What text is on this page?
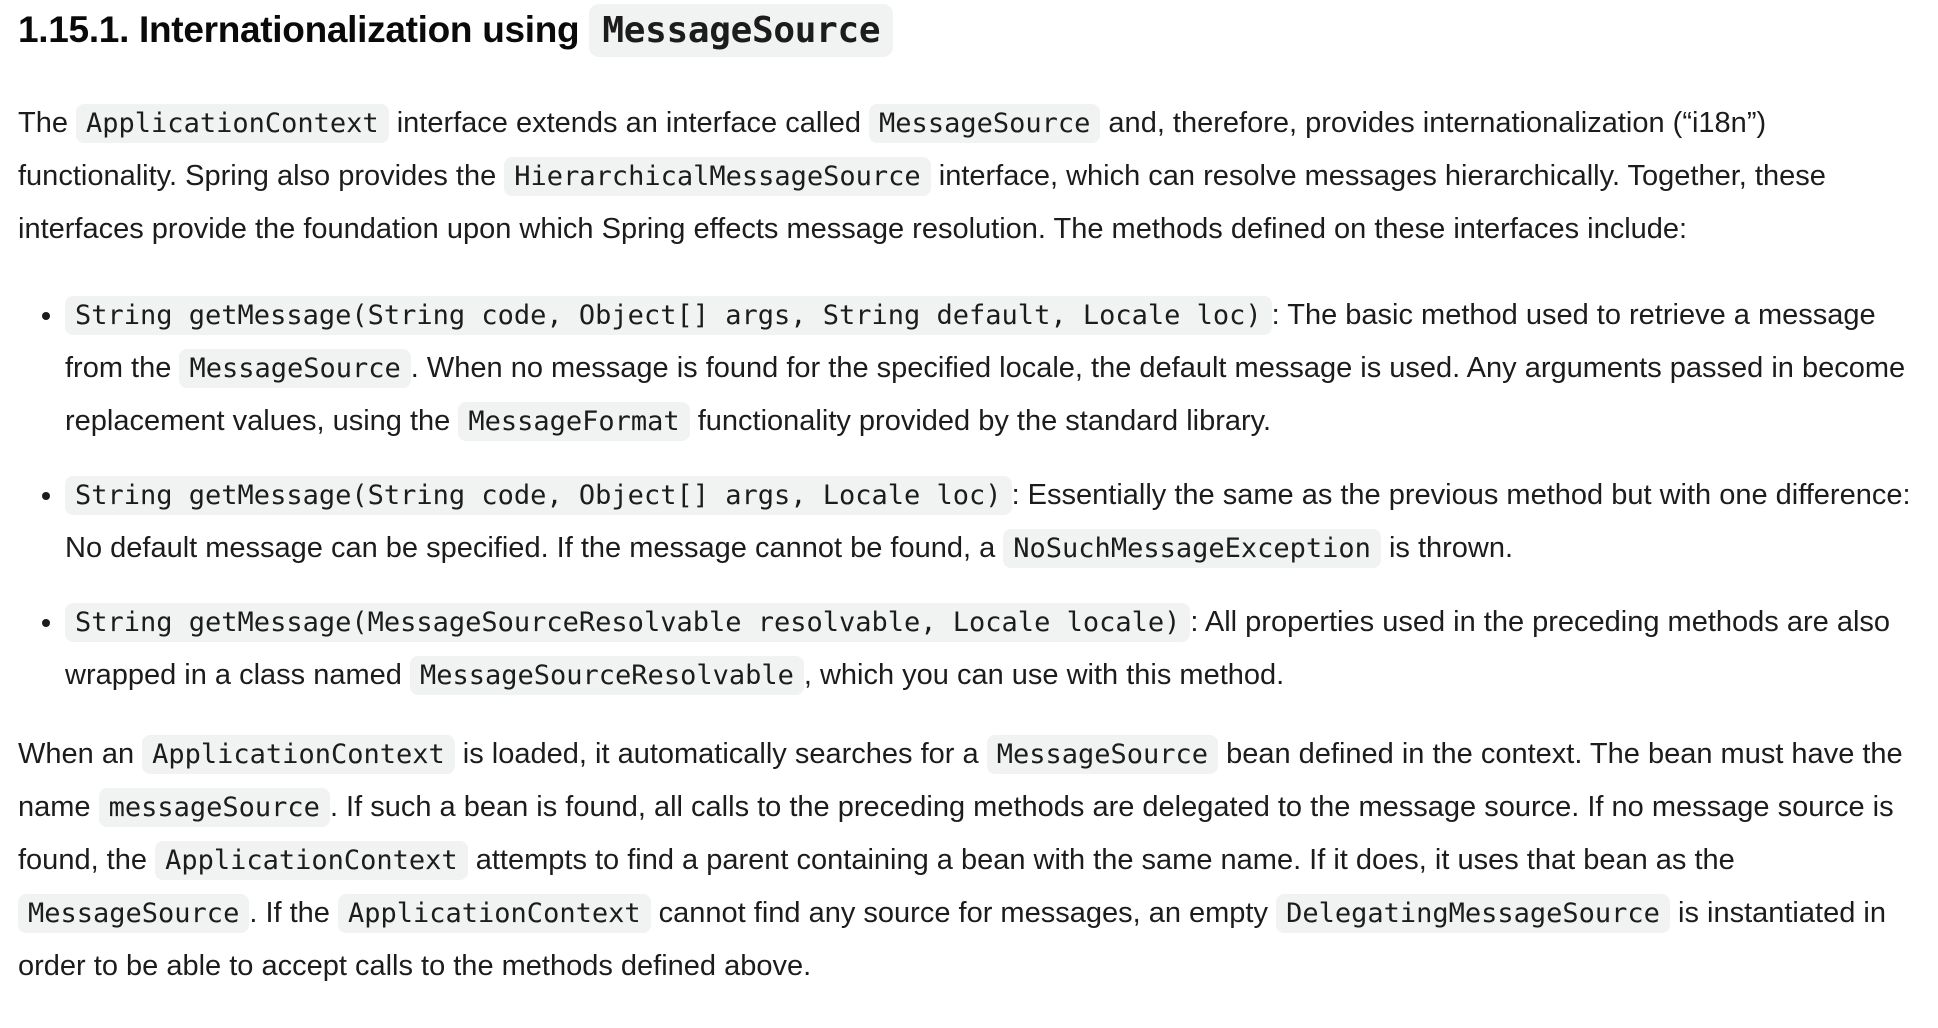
1.15.1. Internationalization using MessageSource

The ApplicationContext interface extends an interface called MessageSource and, therefore, provides internationalization (“i18n”) functionality. Spring also provides the HierarchicalMessageSource interface, which can resolve messages hierarchically. Together, these interfaces provide the foundation upon which Spring effects message resolution. The methods defined on these interfaces include:

• String getMessage(String code, Object[] args, String default, Locale loc) : The basic method used to retrieve a message from the MessageSource . When no message is found for the specified locale, the default message is used. Any arguments passed in become replacement values, using the MessageFormat functionality provided by the standard library.
• String getMessage(String code, Object[] args, Locale loc) : Essentially the same as the previous method but with one difference: No default message can be specified. If the message cannot be found, a NoSuchMessageException is thrown.
• String getMessage(MessageSourceResolvable resolvable, Locale locale) : All properties used in the preceding methods are also wrapped in a class named MessageSourceResolvable , which you can use with this method.

When an ApplicationContext is loaded, it automatically searches for a MessageSource bean defined in the context. The bean must have the name messageSource . If such a bean is found, all calls to the preceding methods are delegated to the message source. If no message source is found, the ApplicationContext attempts to find a parent containing a bean with the same name. If it does, it uses that bean as the MessageSource . If the ApplicationContext cannot find any source for messages, an empty DelegatingMessageSource is instantiated in order to be able to accept calls to the methods defined above.
